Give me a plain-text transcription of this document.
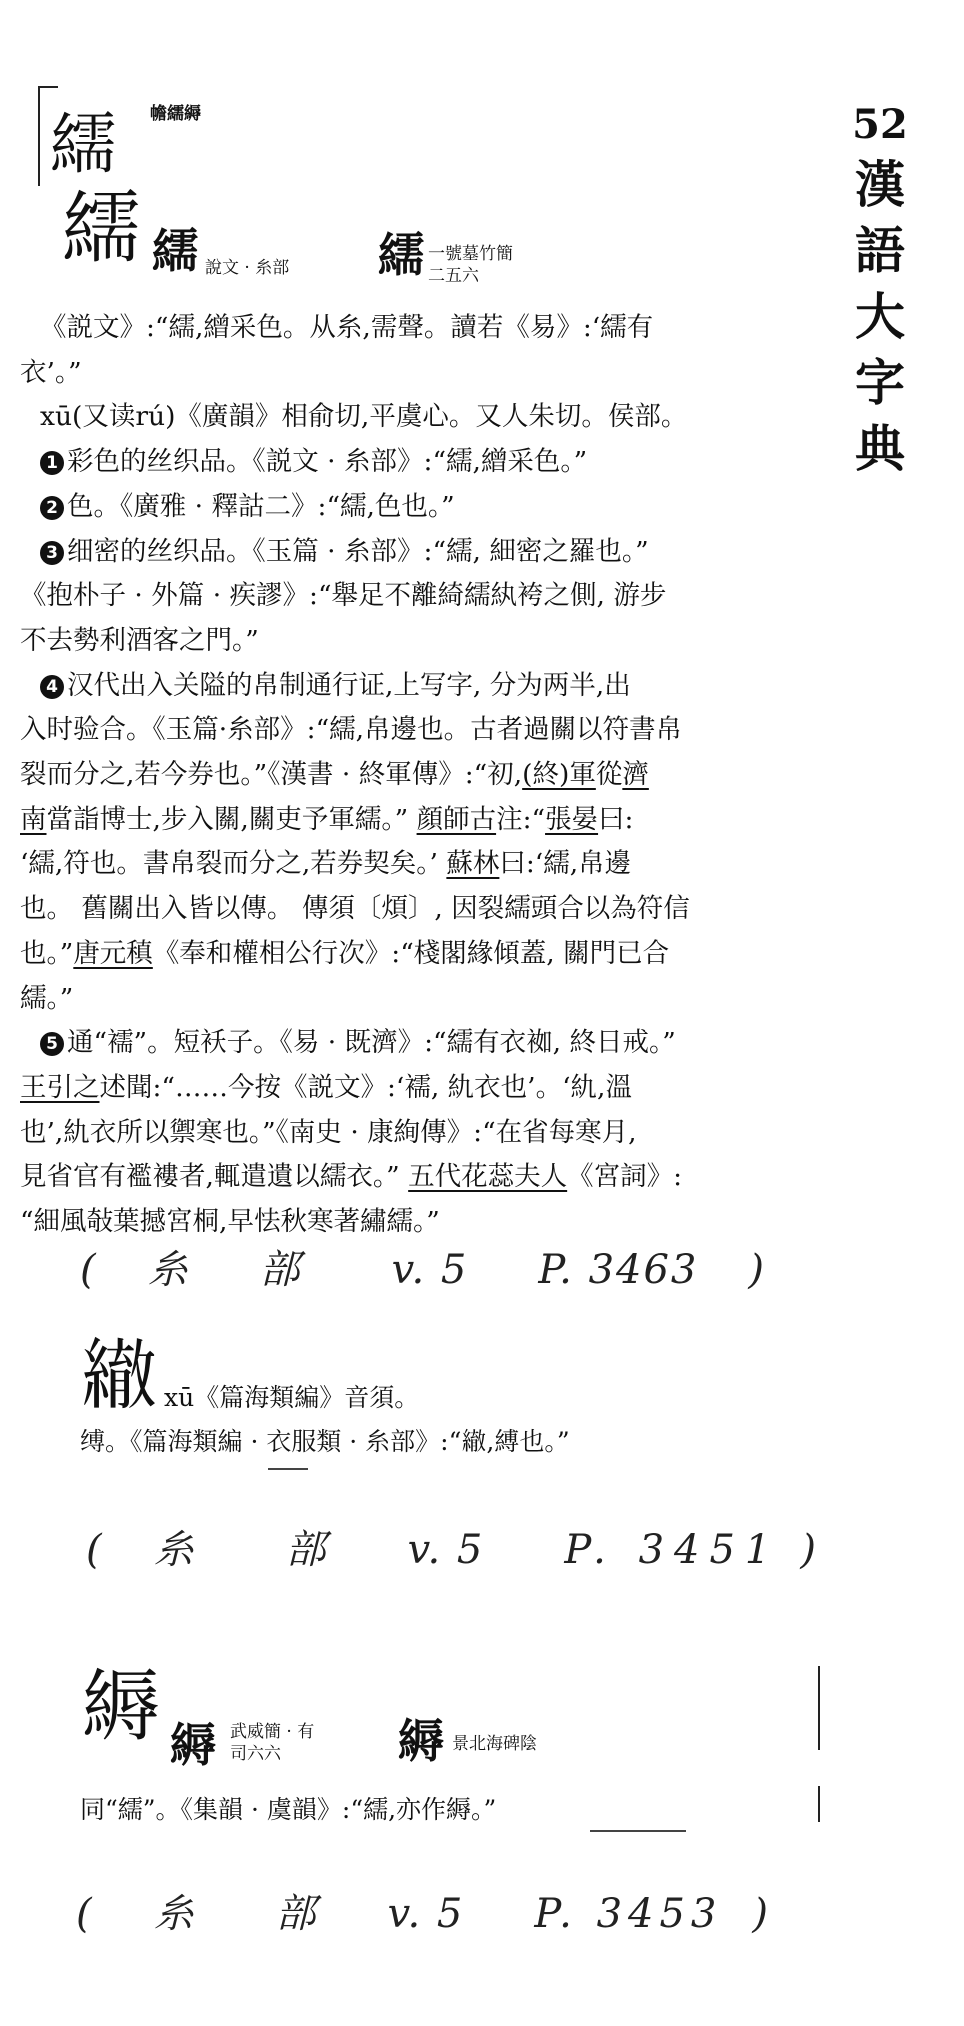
繻 幨繻縟
繻 繻 說文 · 糸部 繻 一號墓竹簡
二五六
52
漢
語
大
字
典
《説文》:“繻,繒采色。从糸,需聲。讀若《易》:‘繻有
衣’。”
xū(又读rú)《廣韻》相俞切,平虞心。又人朱切。侯部。
1 彩色的丝织品。《説文 · 糸部》:“繻,繒采色。”
2 色。《廣雅 · 釋詁二》:“繻,色也。”
3 细密的丝织品。《玉篇 · 糸部》:“繻, 細密之羅也。”
《抱朴子 · 外篇 · 疾謬》:“舉足不離綺繻紈袴之側, 游步
不去勢利酒客之門。”
4 汉代出入关隘的帛制通行证,上写字, 分为两半,出
入时验合。《玉篇·糸部》:“繻,帛邊也。古者過關以符書帛
裂而分之,若今券也。”《漢書 · 終軍傳》:“初,(終)軍從濟
南當詣博士,步入關,關吏予軍繻。” 顔師古注:“張晏曰:
‘繻,符也。書帛裂而分之,若券契矣。’ 蘇林曰:‘繻,帛邊
也。 舊關出入皆以傳。 傳須〔煩〕, 因裂繻頭合以為符信
也。”唐元稹《奉和權相公行次》:“棧閣緣傾蓋, 關門已合
繻。”
5 通“襦”。短袄子。《易 · 既濟》:“繻有衣袽, 終日戒。”
王引之述聞:“……今按《説文》:‘襦, 䊵衣也’。‘䊵,溫
也’,䊵衣所以禦寒也。”《南史 · 康絢傳》:“在省每寒月,
見省官有襤褸者,輒遣遺以繻衣。” 五代花蕊夫人《宮詞》:
“細風敧葉撼宮桐,早怯秋寒著繡繻。”
( 糸 部 v. 5 P. 3463 )
𦅄 xū《篇海類編》音須。
缚。《篇海類編 · 衣服類 · 糸部》:“𦅄,縛也。”
( 糸 部 v. 5 P. 3451 )
縟 縟 武威簡 · 有
司六六	縟 景北海碑陰
同“繻”。《集韻 · 虞韻》:“繻,亦作縟。”
( 糸 部 v. 5 P. 3453 )
